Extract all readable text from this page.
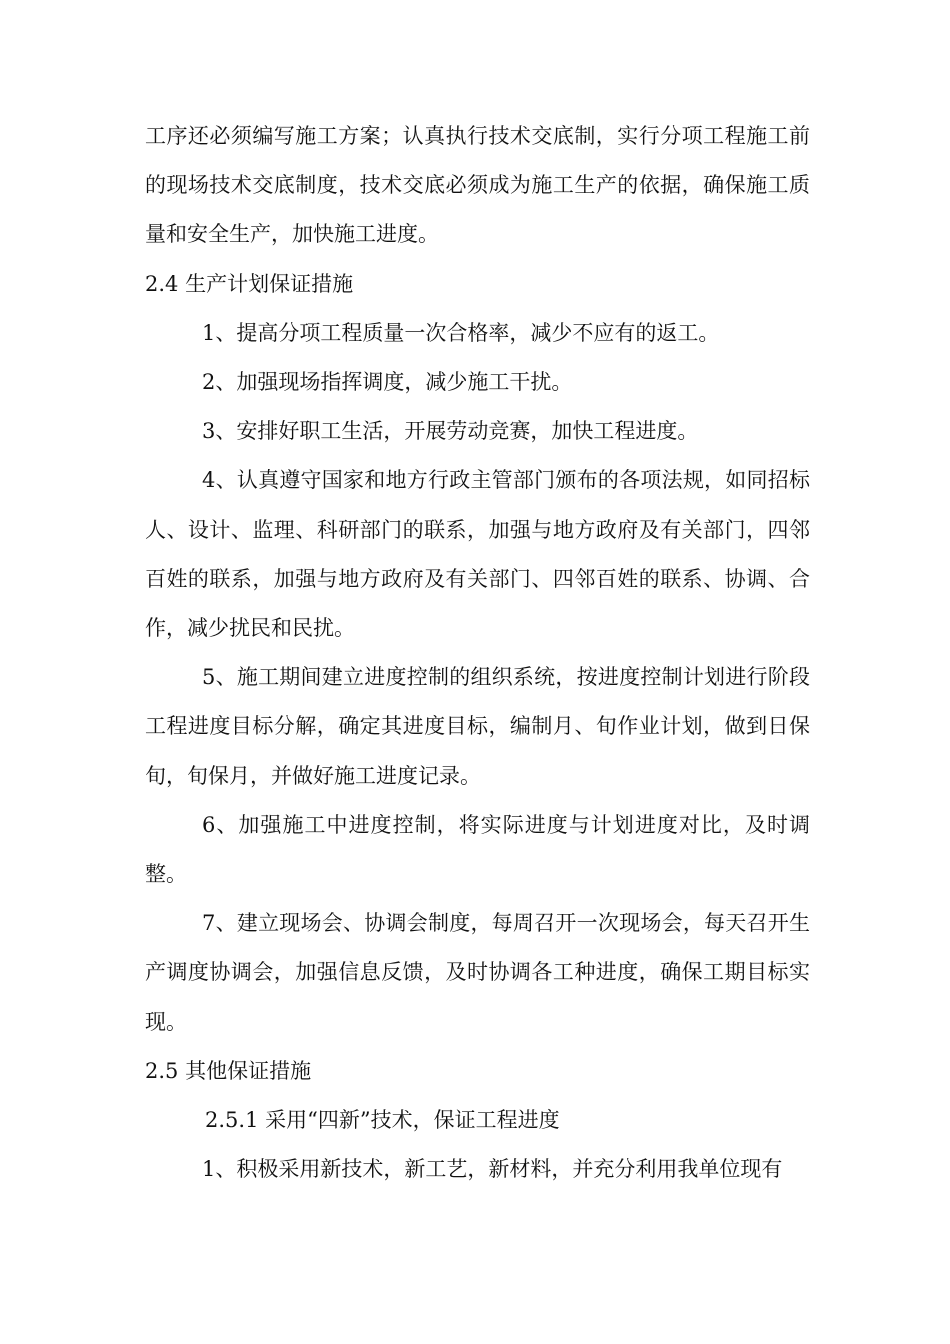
工序还必须编写施工方案；认真执行技术交底制，实行分项工程施工前的现场技术交底制度，技术交底必须成为施工生产的依据，确保施工质量和安全生产，加快施工进度。

2.4 生产计划保证措施

1、提高分项工程质量一次合格率，减少不应有的返工。

2、加强现场指挥调度，减少施工干扰。

3、安排好职工生活，开展劳动竞赛，加快工程进度。

4、认真遵守国家和地方行政主管部门颁布的各项法规，如同招标人、设计、监理、科研部门的联系，加强与地方政府及有关部门，四邻百姓的联系，加强与地方政府及有关部门、四邻百姓的联系、协调、合作，减少扰民和民扰。

5、施工期间建立进度控制的组织系统，按进度控制计划进行阶段工程进度目标分解，确定其进度目标，编制月、旬作业计划，做到日保旬，旬保月，并做好施工进度记录。

6、加强施工中进度控制，将实际进度与计划进度对比，及时调整。

7、建立现场会、协调会制度，每周召开一次现场会，每天召开生产调度协调会，加强信息反馈，及时协调各工种进度，确保工期目标实现。

2.5 其他保证措施

2.5.1 采用“四新”技术，保证工程进度

1、积极采用新技术，新工艺，新材料，并充分利用我单位现有
